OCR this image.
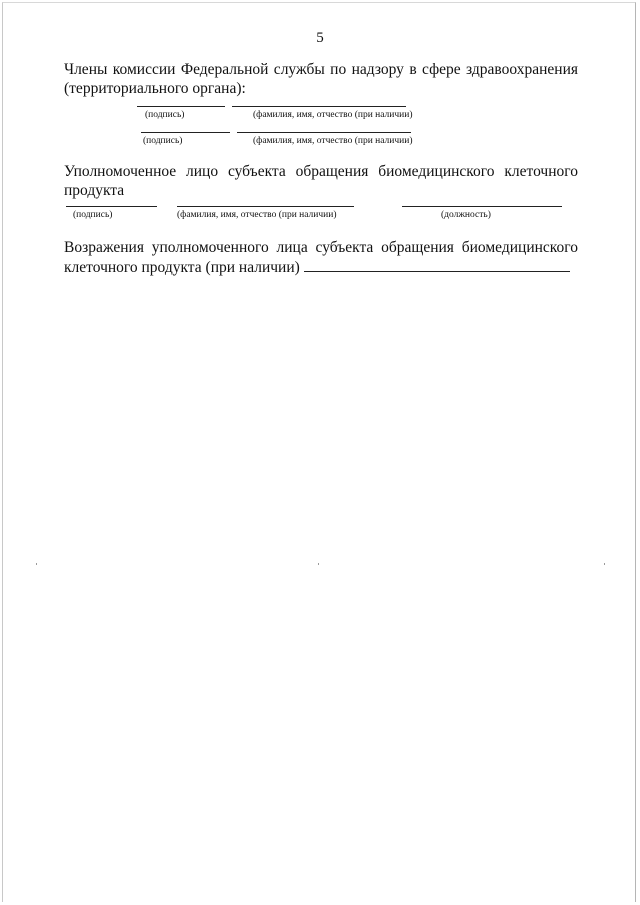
5

Члены комиссии Федеральной службы по надзору в сфере здравоохранения

(территориального органа):

(подпись)	(фамилия, имя, отчество (при наличии)
(подпись)	(фамилия, имя, отчество (при наличии)

Уполномоченное лицо субъекта обращения биомедицинского клеточного

продукта

(подпись)	(фамилия, имя, отчество (при наличии)	(должность)

Возражения уполномоченного лица субъекта обращения биомедицинского

клеточного продукта (при наличии)
